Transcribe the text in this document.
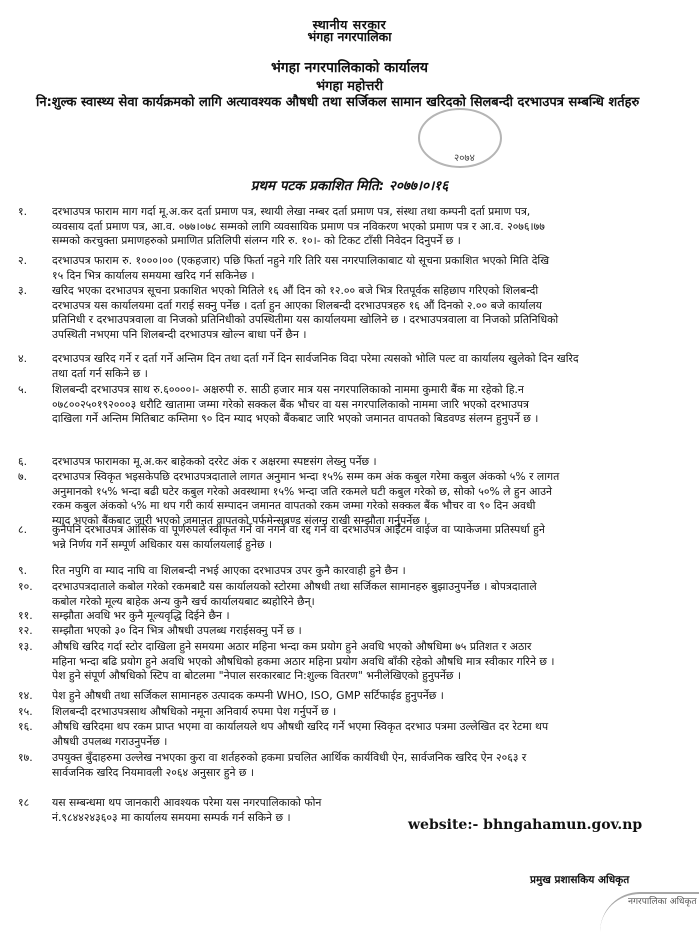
स्थानीय सरकार
भंगहा नगरपालिका
भंगहा नगरपालिकाको कार्यालय
भंगहा महोत्तरी
२०७४
नि:शुल्क स्वास्थ्य सेवा कार्यक्रमको लागि अत्यावश्यक औषधी तथा सर्जिकल सामान खरिदको सिलबन्दी दरभाउपत्र सम्बन्धि शर्तहरु
प्रथम पटक प्रकाशित मिति: २०७७।०।१६
१.	दरभाउपत्र फाराम माग गर्दा मू.अ.कर दर्ता प्रमाण पत्र, स्थायी लेखा नम्बर दर्ता प्रमाण पत्र, संस्था तथा कम्पनी दर्ता प्रमाण पत्र,
व्यवसाय दर्ता प्रमाण पत्र, आ.व. ०७७।०७८ सम्मको लागि व्यवसायिक प्रमाण पत्र नविकरण भएको प्रमाण पत्र र आ.व. २०७६।७७
सम्मको करचुक्ता प्रमाणहरुको प्रमाणित प्रतिलिपी संलग्न गरि रु. १०।- को टिकट टाँसी निवेदन दिनुपर्ने छ ।
२.	दरभाउपत्र फाराम रु. १०००।०० (एकहजार) पछि फिर्ता नहुने गरि तिरि यस नगरपालिकाबाट यो सूचना प्रकाशित भएको मिति देखि
१५ दिन भित्र कार्यालय समयमा खरिद गर्न सकिनेछ ।
३.	खरिद भएका दरभाउपत्र सूचना प्रकाशित भएको मितिले १६ औं दिन को १२.०० बजे भित्र रितपूर्वक सहिछाप गरिएको शिलबन्दी
दरभाउपत्र यस कार्यालयमा दर्ता गराई सक्नु पर्नेछ । दर्ता हुन आएका शिलबन्दी दरभाउपत्रहरु १६ औं दिनको २.०० बजे कार्यालय
प्रतिनिधी र दरभाउपत्रवाला वा निजको प्रतिनिधीको उपस्थितीमा यस कार्यालयमा खोलिने छ । दरभाउपत्रवाला वा निजको प्रतिनिधिको
उपस्थिती नभएमा पनि शिलबन्दी दरभाउपत्र खोल्न बाधा पर्ने छैन ।
४.	दरभाउपत्र खरिद गर्ने र दर्ता गर्ने अन्तिम दिन तथा दर्ता गर्ने दिन सार्वजनिक विदा परेमा त्यसको भोलि पल्ट वा कार्यालय खुलेको दिन खरिद
तथा दर्ता गर्न सकिने छ ।
५.	शिलबन्दी दरभाउपत्र साथ रु.६००००।- अक्षरुपी रु. साठी हजार मात्र यस नगरपालिकाको नाममा कुमारी बैंक मा रहेको हि.न
०७८००२५०१९२०००३ धरौटि खातामा जम्मा गरेको सक्कल बैंक भौचर वा यस नगरपालिकाको नाममा जारि भएको दरभाउपत्र
दाखिला गर्ने अन्तिम मितिबाट कम्तिमा ९० दिन म्याद भएको बैंकबाट जारि भएको जमानत वापतको बिडवण्ड संलग्न हुनुपर्ने छ ।
६.	दरभाउपत्र फारामका मू.अ.कर बाहेकको दररेट अंक र अक्षरमा स्पष्टसंग लेख्नु पर्नेछ ।
७.	दरभाउपत्र स्विकृत भइसकेपछि दरभाउपत्रदाताले लागत अनुमान भन्दा १५% सम्म कम अंक कबुल गरेमा कबुल अंकको ५% र लागत
अनुमानको १५% भन्दा बढी घटेर कबुल गरेको अवस्थामा १५% भन्दा जति रकमले घटी कबुल गरेको छ, सोको ५०% ले हुन आउने
रकम कबुल अंकको ५% मा थप गरी कार्य सम्पादन जमानत वापतको रकम जम्मा गरेको सक्कल बैंक भौचर वा ९० दिन अवधी
म्याद भएको बैंकबाट जारी भएको जमानत वापतको पर्फमेन्सबण्ड संलग्न राखी सम्झौता गर्नुपर्नेछ ।
८.	कुनैपनि दरभाउपत्र आंसिक वा पूर्णरुपले स्वीकृत गर्ने वा नगर्ने वा रद्द गर्ने वा दरभाउपत्र आईटम वाईज वा प्याकेजमा प्रतिस्पर्धा हुने
भन्ने निर्णय गर्ने सम्पूर्ण अधिकार यस कार्यालयलाई हुनेछ ।
९.	रित नपुगि वा म्याद नाघि वा शिलबन्दी नभई आएका दरभाउपत्र उपर कुनै कारवाही हुने छैन ।
१०.	दरभाउपत्रदाताले कबोल गरेको रकमबाटै यस कार्यालयको स्टोरमा औषधी तथा सर्जिकल सामानहरु बुझाउनुपर्नेछ । बोपत्रदाताले
कबोल गरेको मूल्य बाहेक अन्य कुनै खर्च कार्यालयबाट ब्यहोरिने छैन्।
११.	सम्झौता अवधि भर कुनै मूल्यवृद्धि दिईने छैन ।
१२.	सम्झौता भएको ३० दिन भित्र औषधी उपलब्ध गराईसक्नु पर्ने छ ।
१३.	औषधि खरिद गर्दा स्टोर दाखिला हुने समयमा अठार महिना भन्दा कम प्रयोग हुने अवधि भएको औषधिमा ७५ प्रतिशत र अठार
महिना भन्दा बढि प्रयोग हुने अवधि भएको औषधिको हकमा अठार महिना प्रयोग अवधि बाँकी रहेको औषधि मात्र स्वीकार गरिने छ ।
पेश हुने संपूर्ण औषधिको स्टिप वा बोटलमा "नेपाल सरकारबाट नि:शुल्क वितरण" भनीलेखिएको हुनुपर्नेछ ।
१४.	पेश हुने औषधी तथा सर्जिकल सामानहरु उत्पादक कम्पनी WHO, ISO, GMP सर्टिफाईड हुनुपर्नेछ ।
१५.	शिलबन्दी दरभाउपत्रसाथ औषधिको नमूना अनिवार्य रुपमा पेश गर्नुपर्ने छ ।
१६.	औषधि खरिदमा थप रकम प्राप्त भएमा वा कार्यालयले थप औषधी खरिद गर्ने भएमा स्विकृत दरभाउ पत्रमा उल्लेखित दर रेटमा थप
औषधी उपलब्ध गराउनुपर्नेछ ।
१७.	उपयुक्त बुँदाहरुमा उल्लेख नभएका कुरा वा शर्तहरुको हकमा प्रचलित आर्थिक कार्यविधी ऐन, सार्वजनिक खरिद ऐन २०६३ र
सार्वजनिक खरिद नियमावली २०६४ अनुसार हुने छ ।
१८	यस सम्बन्धमा थप जानकारी आवश्यक परेमा यस नगरपालिकाको फोन
नं.९८४४२४३६०३ मा कार्यालय समयमा सम्पर्क गर्न सकिने छ ।	website:- bhngahamun.gov.np
प्रमुख प्रशासकिय अधिकृत
नगरपालिका अधिकृत
